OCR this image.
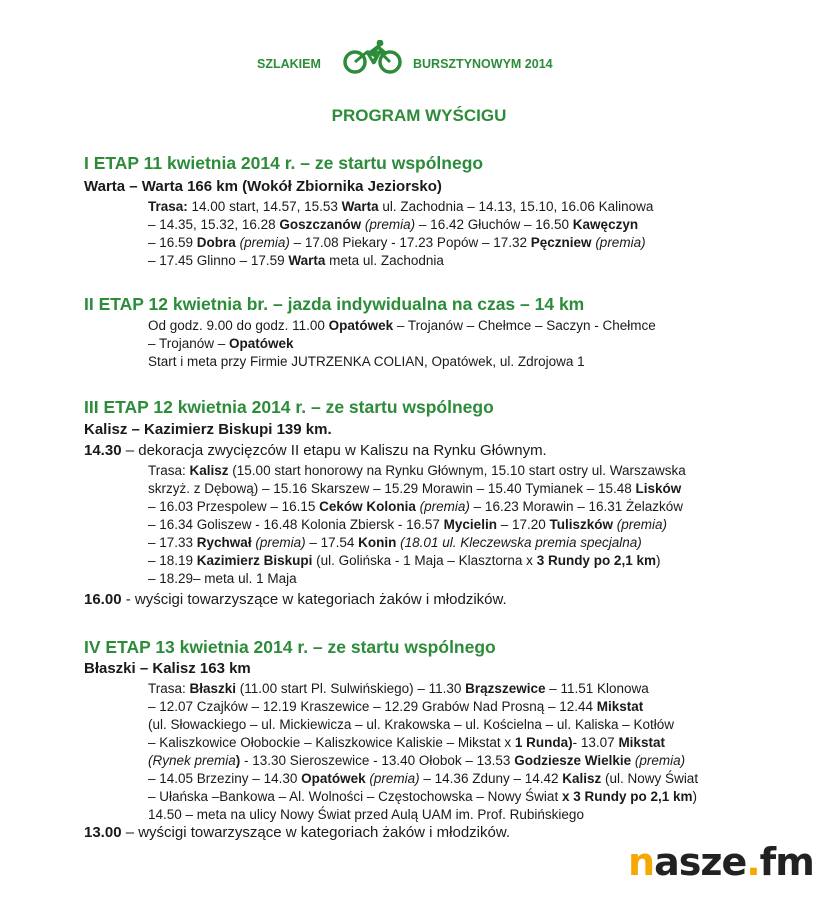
SZLAKIEM	BURSZTYNOWYM 2014
PROGRAM WYŚCIGU
I ETAP 11 kwietnia 2014 r. – ze startu wspólnego
Warta – Warta 166 km (Wokół Zbiornika Jeziorsko)
Trasa: 14.00 start, 14.57, 15.53 Warta ul. Zachodnia – 14.13, 15.10, 16.06 Kalinowa
– 14.35, 15.32, 16.28 Goszczanów (premia) – 16.42 Głuchów – 16.50 Kawęczyn
– 16.59 Dobra (premia) – 17.08 Piekary - 17.23 Popów – 17.32 Pęczniew (premia)
– 17.45 Glinno – 17.59 Warta meta ul. Zachodnia
II ETAP 12 kwietnia br. – jazda indywidualna na czas – 14 km
Od godz. 9.00 do godz. 11.00 Opatówek – Trojanów – Chełmce – Saczyn - Chełmce
– Trojanów – Opatówek
Start i meta przy Firmie JUTRZENKA COLIAN, Opatówek, ul. Zdrojowa 1
III ETAP 12 kwietnia 2014 r. – ze startu wspólnego
Kalisz – Kazimierz Biskupi 139 km.
14.30 – dekoracja zwycięzców II etapu w Kaliszu na Rynku Głównym.
Trasa: Kalisz (15.00 start honorowy na Rynku Głównym, 15.10 start ostry ul. Warszawska
skrzyż. z Dębową) – 15.16 Skarszew – 15.29 Morawin – 15.40 Tymianek – 15.48 Lisków
– 16.03 Przespolew – 16.15 Ceków Kolonia (premia) – 16.23 Morawin – 16.31 Żelazków
– 16.34 Goliszew - 16.48 Kolonia Zbiersk - 16.57 Mycielin – 17.20 Tuliszków (premia)
– 17.33 Rychwał (premia) – 17.54 Konin (18.01 ul. Kleczewska premia specjalna)
– 18.19 Kazimierz Biskupi (ul. Golińska - 1 Maja – Klasztorna x 3 Rundy po 2,1 km)
– 18.29– meta ul. 1 Maja
16.00 - wyścigi towarzyszące w kategoriach żaków i młodzików.
IV ETAP 13 kwietnia 2014 r. – ze startu wspólnego
Błaszki – Kalisz 163 km
Trasa: Błaszki (11.00 start Pl. Sulwińskiego) – 11.30 Brązszewice – 11.51 Klonowa
– 12.07 Czajków – 12.19 Kraszewice – 12.29 Grabów Nad Prosną – 12.44 Mikstat
(ul. Słowackiego – ul. Mickiewicza – ul. Krakowska – ul. Kościelna – ul. Kaliska – Kotłów
– Kaliszkowice Ołobockie – Kaliszkowice Kaliskie – Mikstat x 1 Runda)- 13.07 Mikstat
(Rynek premia) - 13.30 Sieroszewice - 13.40 Ołobok – 13.53 Godziesze Wielkie (premia)
– 14.05 Brzeziny – 14.30 Opatówek (premia) – 14.36 Zduny – 14.42 Kalisz (ul. Nowy Świat
– Ułańska –Bankowa – Al. Wolności – Częstochowska – Nowy Świat x 3 Rundy po 2,1 km)
14.50 – meta na ulicy Nowy Świat przed Aulą UAM im. Prof. Rubińskiego
13.00 – wyścigi towarzyszące w kategoriach żaków i młodzików.
nasze.fm
